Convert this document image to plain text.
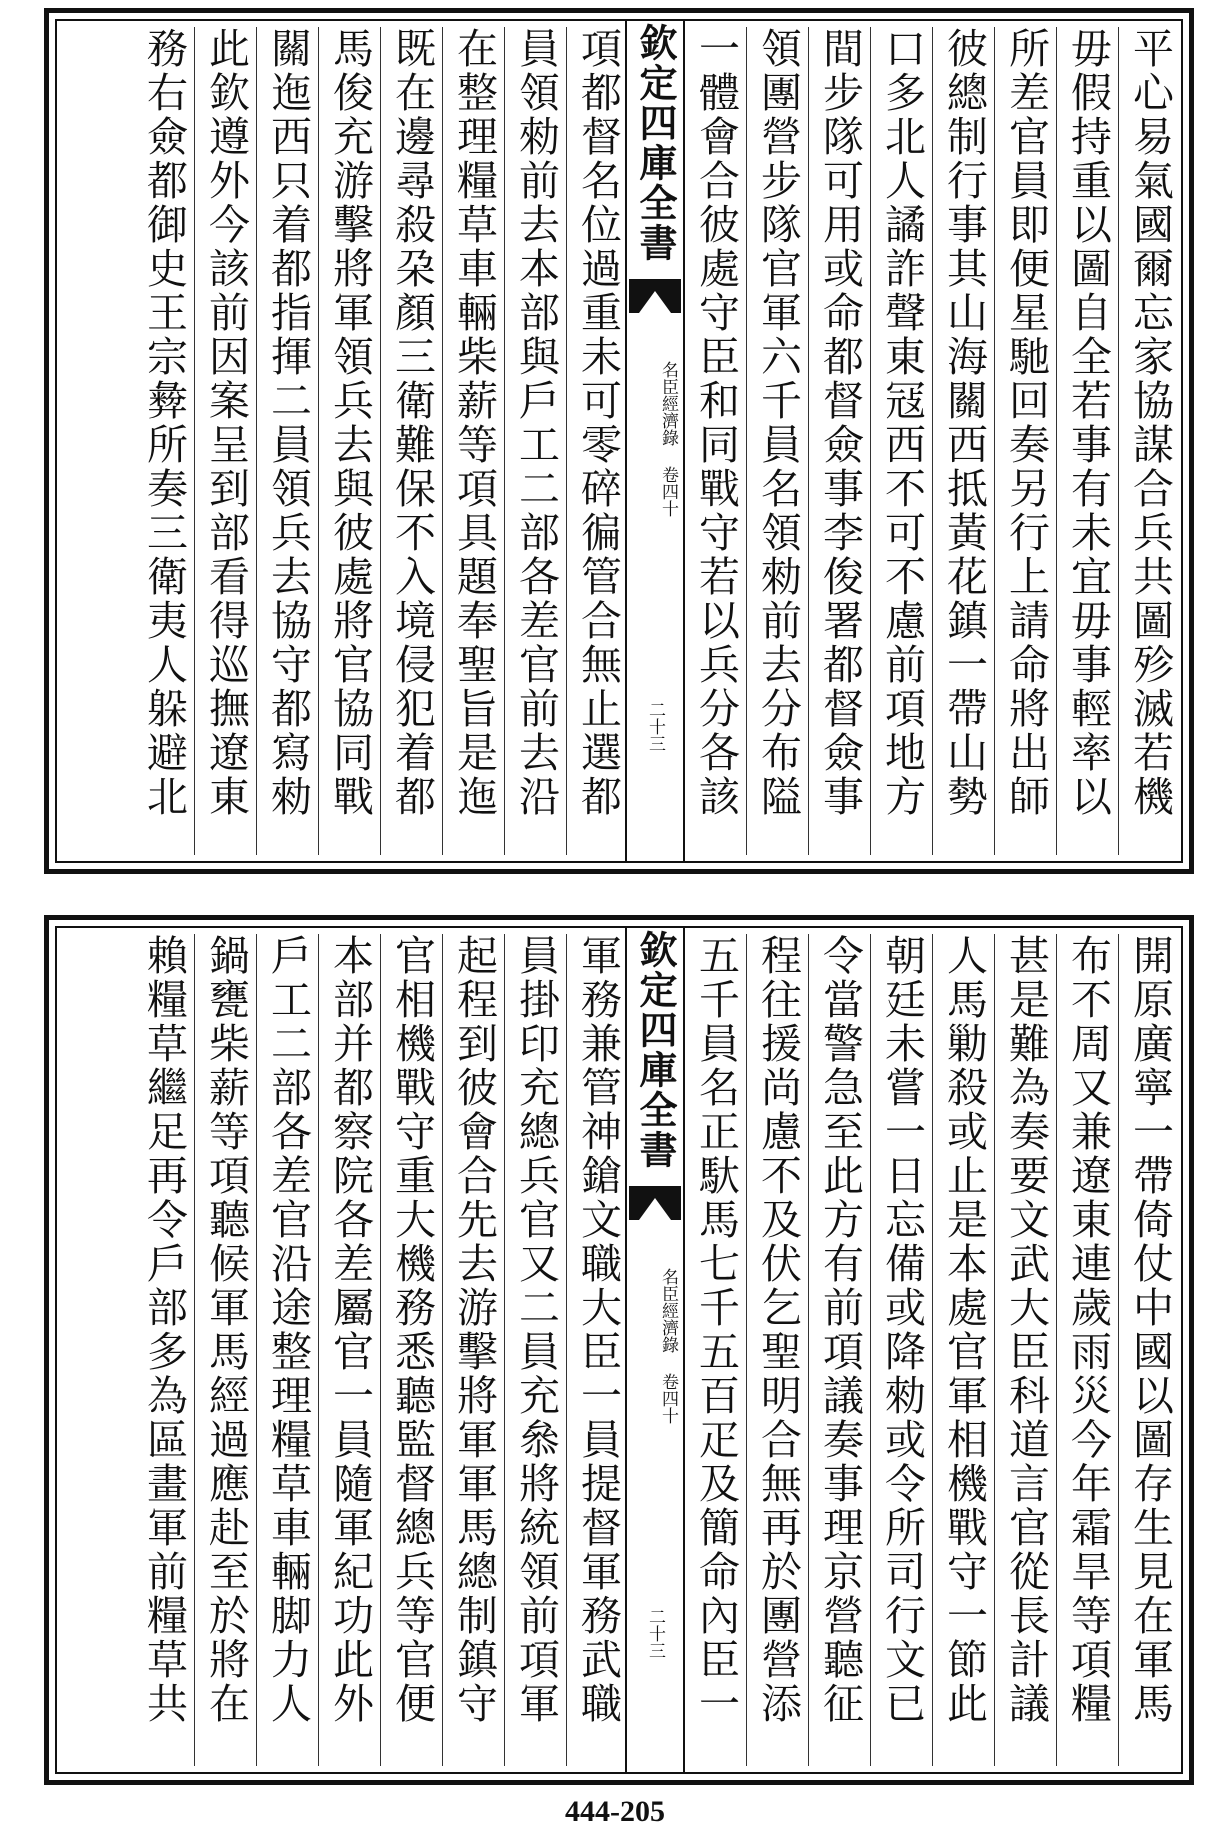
平心易氣國爾忘家協謀合兵共圖殄滅若機
毋假持重以圖自全若事有未宜毋事輕率以
所差官員即便星馳回奏另行上請命將出師
彼總制行事其山海關西抵黃花鎮一帶山勢
口多北人譎詐聲東冦西不可不慮前項地方
間步隊可用或命都督僉事李俊署都督僉事
領團營步隊官軍六千員名領勑前去分布隘
一體會合彼處守臣和同戰守若以兵分各該
欽定四庫全書
名臣經濟錄 卷四十
二十三
項都督名位過重未可零碎徧管合無止選都
員領勑前去本部與戶工二部各差官前去沿
在整理糧草車輛柴薪等項具題奉聖旨是迤
既在邊尋殺朶顏三衛難保不入境侵犯着都
馬俊充游擊將軍領兵去與彼處將官協同戰
關迤西只着都指揮二員領兵去協守都寫勑
此欽遵外今該前因案呈到部看得巡撫遼東
務右僉都御史王宗彜所奏三衛夷人躲避北
開原廣寧一帶倚仗中國以圖存生見在軍馬
布不周又兼遼東連歲雨災今年霜旱等項糧
甚是難為奏要文武大臣科道言官從長計議
人馬勦殺或止是本處官軍相機戰守一節此
朝廷未嘗一日忘備或降勑或令所司行文已
令當警急至此方有前項議奏事理京營聽征
程往援尚慮不及伏乞聖明合無再於團營添
五千員名正馱馬七千五百疋及簡命內臣一
欽定四庫全書
名臣經濟錄 卷四十
二十三
軍務兼管神鎗文職大臣一員提督軍務武職
員掛印充總兵官又二員充叅將統領前項軍
起程到彼會合先去游擊將軍軍馬總制鎮守
官相機戰守重大機務悉聽監督總兵等官便
本部并都察院各差屬官一員隨軍紀功此外
戶工二部各差官沿途整理糧草車輛脚力人
鍋甕柴薪等項聽候軍馬經過應赴至於將在
賴糧草繼足再令戶部多為區畫軍前糧草共
444-205
